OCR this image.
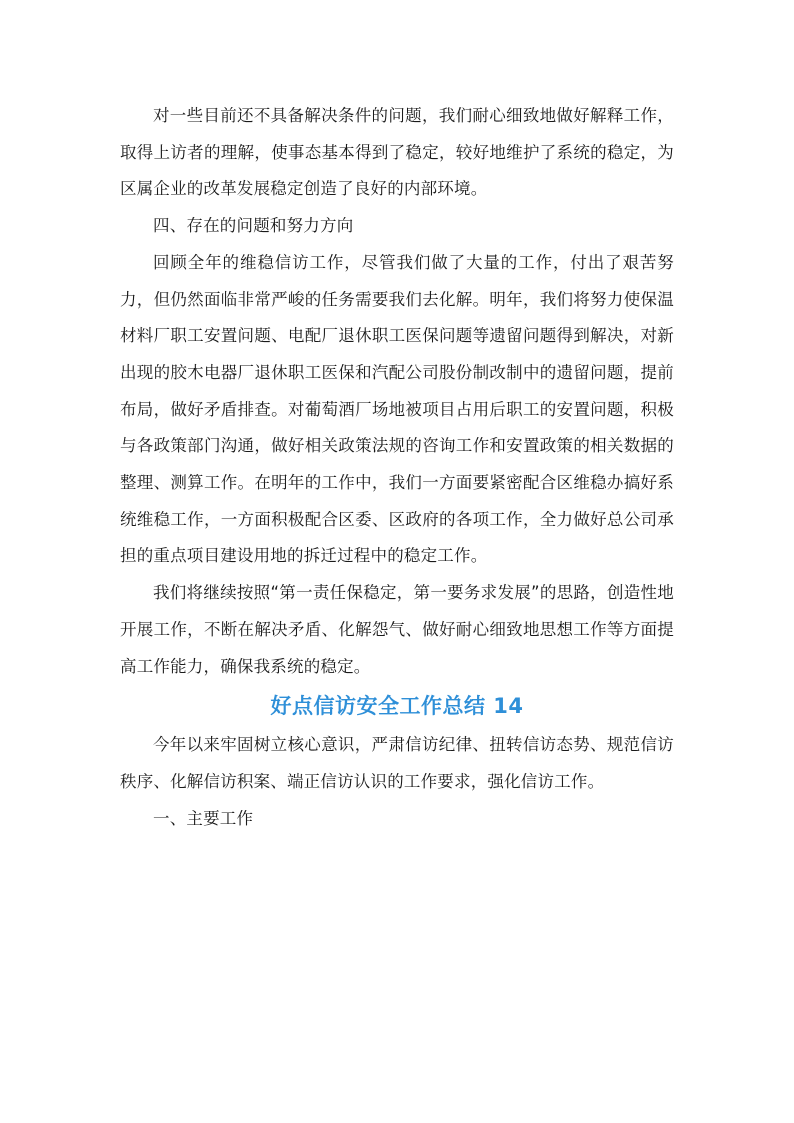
对一些目前还不具备解决条件的问题，我们耐心细致地做好解释工作，取得上访者的理解，使事态基本得到了稳定，较好地维护了系统的稳定，为区属企业的改革发展稳定创造了良好的内部环境。

四、存在的问题和努力方向

回顾全年的维稳信访工作，尽管我们做了大量的工作，付出了艰苦努力，但仍然面临非常严峻的任务需要我们去化解。明年，我们将努力使保温材料厂职工安置问题、电配厂退休职工医保问题等遗留问题得到解决，对新出现的胶木电器厂退休职工医保和汽配公司股份制改制中的遗留问题，提前布局，做好矛盾排查。对葡萄酒厂场地被项目占用后职工的安置问题，积极与各政策部门沟通，做好相关政策法规的咨询工作和安置政策的相关数据的整理、测算工作。在明年的工作中，我们一方面要紧密配合区维稳办搞好系统维稳工作，一方面积极配合区委、区政府的各项工作，全力做好总公司承担的重点项目建设用地的拆迁过程中的稳定工作。

我们将继续按照“第一责任保稳定，第一要务求发展”的思路，创造性地开展工作，不断在解决矛盾、化解怨气、做好耐心细致地思想工作等方面提高工作能力，确保我系统的稳定。

好点信访安全工作总结 14

今年以来牢固树立核心意识，严肃信访纪律、扭转信访态势、规范信访秩序、化解信访积案、端正信访认识的工作要求，强化信访工作。

一、主要工作
